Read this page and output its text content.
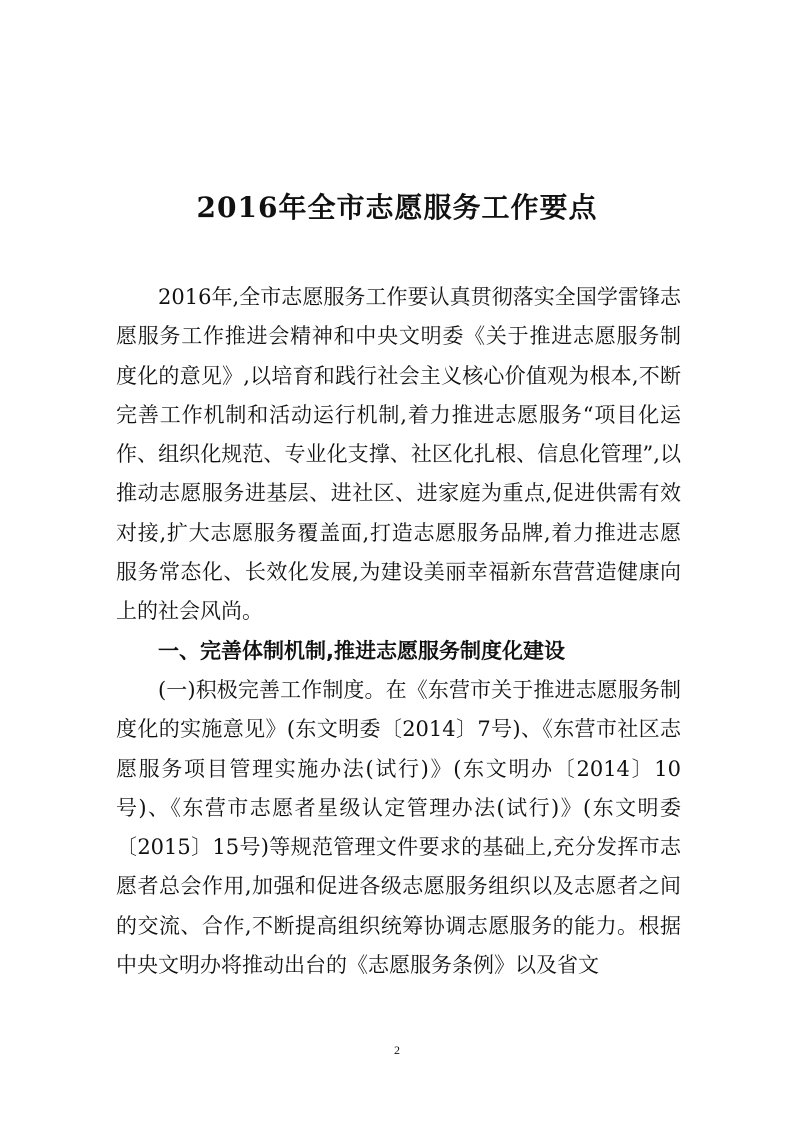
2016年全市志愿服务工作要点

2016年,全市志愿服务工作要认真贯彻落实全国学雷锋志愿服务工作推进会精神和中央文明委《关于推进志愿服务制度化的意见》,以培育和践行社会主义核心价值观为根本,不断完善工作机制和活动运行机制,着力推进志愿服务“项目化运作、组织化规范、专业化支撑、社区化扎根、信息化管理”,以推动志愿服务进基层、进社区、进家庭为重点,促进供需有效对接,扩大志愿服务覆盖面,打造志愿服务品牌,着力推进志愿服务常态化、长效化发展,为建设美丽幸福新东营营造健康向上的社会风尚。

一、完善体制机制,推进志愿服务制度化建设

(一)积极完善工作制度。在《东营市关于推进志愿服务制度化的实施意见》(东文明委〔2014〕7号)、《东营市社区志愿服务项目管理实施办法(试行)》(东文明办〔2014〕10号)、《东营市志愿者星级认定管理办法(试行)》(东文明委〔2015〕15号)等规范管理文件要求的基础上,充分发挥市志愿者总会作用,加强和促进各级志愿服务组织以及志愿者之间的交流、合作,不断提高组织统筹协调志愿服务的能力。根据中央文明办将推动出台的《志愿服务条例》以及省文

2
